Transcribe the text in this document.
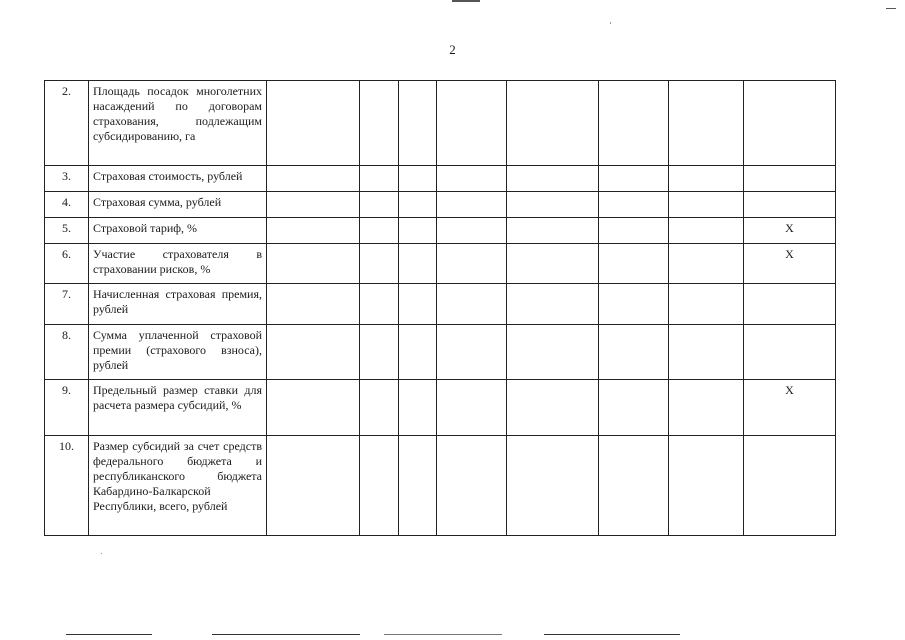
2
2.	Площадь посадок многолетних насаждений по договорам страхования, подлежащим субсидированию, га								
3.	Страховая стоимость, рублей								
4.	Страховая сумма, рублей								
5.	Страховой тариф, %								Х
6.	Участие страхователя в страховании рисков, %								Х
7.	Начисленная страховая премия, рублей								
8.	Сумма уплаченной страховой премии (страхового взноса), рублей								
9.	Предельный размер ставки для расчета размера субсидий, %								Х
10.	Размер субсидий за счет средств федерального бюджета и республиканского бюджета Кабардино-Балкарской Республики, всего, рублей								
